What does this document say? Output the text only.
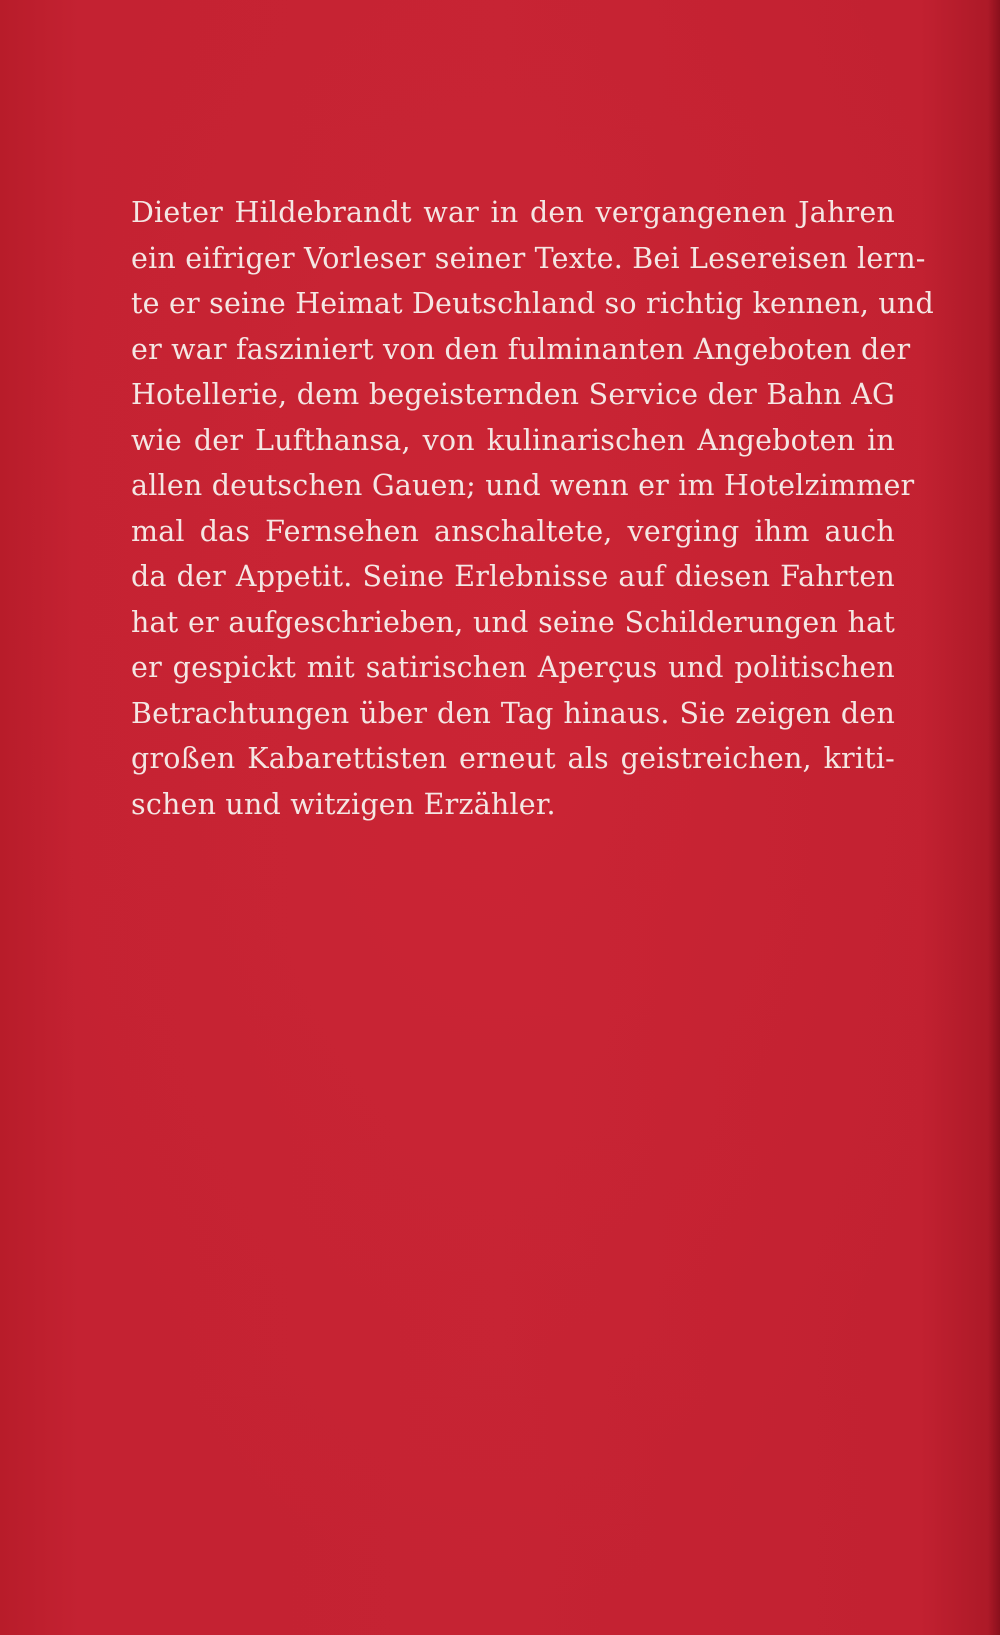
Dieter Hildebrandt war in den vergangenen Jahren
ein eifriger Vorleser seiner Texte. Bei Lesereisen lern-
te er seine Heimat Deutschland so richtig kennen, und
er war fasziniert von den fulminanten Angeboten der
Hotellerie, dem begeisternden Service der Bahn AG
wie der Lufthansa, von kulinarischen Angeboten in
allen deutschen Gauen; und wenn er im Hotelzimmer
mal das Fernsehen anschaltete, verging ihm auch
da der Appetit. Seine Erlebnisse auf diesen Fahrten
hat er aufgeschrieben, und seine Schilderungen hat
er gespickt mit satirischen Aperçus und politischen
Betrachtungen über den Tag hinaus. Sie zeigen den
großen Kabarettisten erneut als geistreichen, kriti-
schen und witzigen Erzähler.
